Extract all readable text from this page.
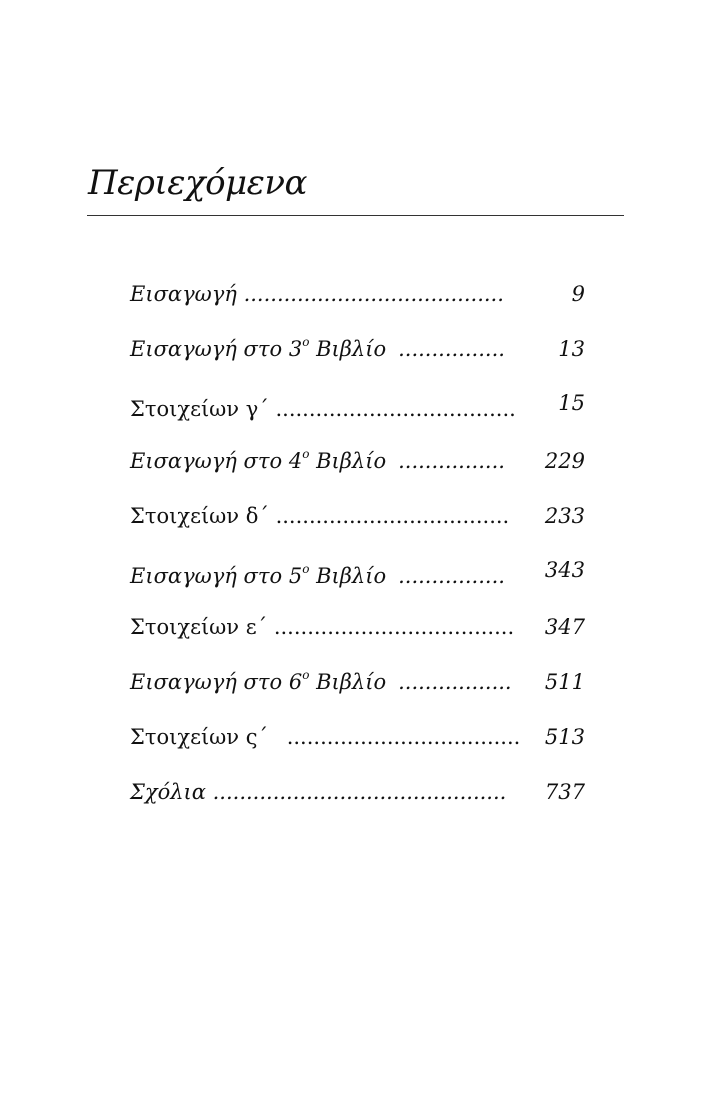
Περιεχόμενα
Εισαγωγή .......................................	9
Εισαγωγή στο $3^o$ Βιβλίο ................	13
Στοιχείων γ΄ .................................... 15
Εισαγωγή στο $4^o$ Βιβλίο ................ 229
Στοιχείων δ΄ ................................... 233
Εισαγωγή στο $5^o$ Βιβλίο ................ 343
Στοιχείων ε΄ .................................... 347
Εισαγωγή στο $6^o$ Βιβλίο ................. 511
Στοιχείων ς΄ ................................... 513
Σχόλια ............................................ 737
